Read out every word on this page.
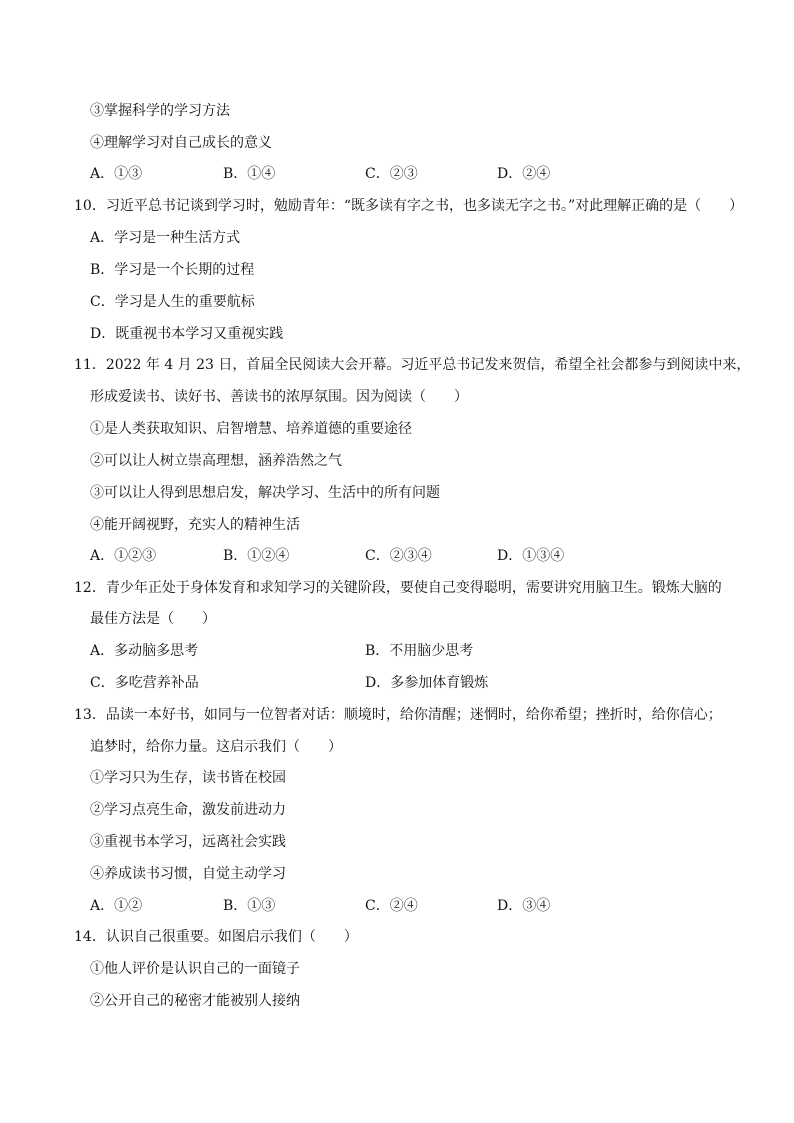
③掌握科学的学习方法
④理解学习对自己成长的意义
A．①③	B．①④	C．②③	D．②④
10．习近平总书记谈到学习时，勉励青年：“既多读有字之书，也多读无字之书。”对此理解正确的是（　　）
A．学习是一种生活方式
B．学习是一个长期的过程
C．学习是人生的重要航标
D．既重视书本学习又重视实践
11．2022 年 4 月 23 日，首届全民阅读大会开幕。习近平总书记发来贺信，希望全社会都参与到阅读中来，
形成爱读书、读好书、善读书的浓厚氛围。因为阅读（　　）
①是人类获取知识、启智增慧、培养道德的重要途径
②可以让人树立崇高理想，涵养浩然之气
③可以让人得到思想启发，解决学习、生活中的所有问题
④能开阔视野，充实人的精神生活
A．①②③	B．①②④	C．②③④	D．①③④
12．青少年正处于身体发育和求知学习的关键阶段，要使自己变得聪明，需要讲究用脑卫生。锻炼大脑的
最佳方法是（　　）
A．多动脑多思考	B．不用脑少思考
C．多吃营养补品	D．多参加体育锻炼
13．品读一本好书，如同与一位智者对话：顺境时，给你清醒；迷惘时，给你希望；挫折时，给你信心；
追梦时，给你力量。这启示我们（　　）
①学习只为生存，读书皆在校园
②学习点亮生命，激发前进动力
③重视书本学习，远离社会实践
④养成读书习惯，自觉主动学习
A．①②	B．①③	C．②④	D．③④
14．认识自己很重要。如图启示我们（　　）
①他人评价是认识自己的一面镜子
②公开自己的秘密才能被别人接纳
